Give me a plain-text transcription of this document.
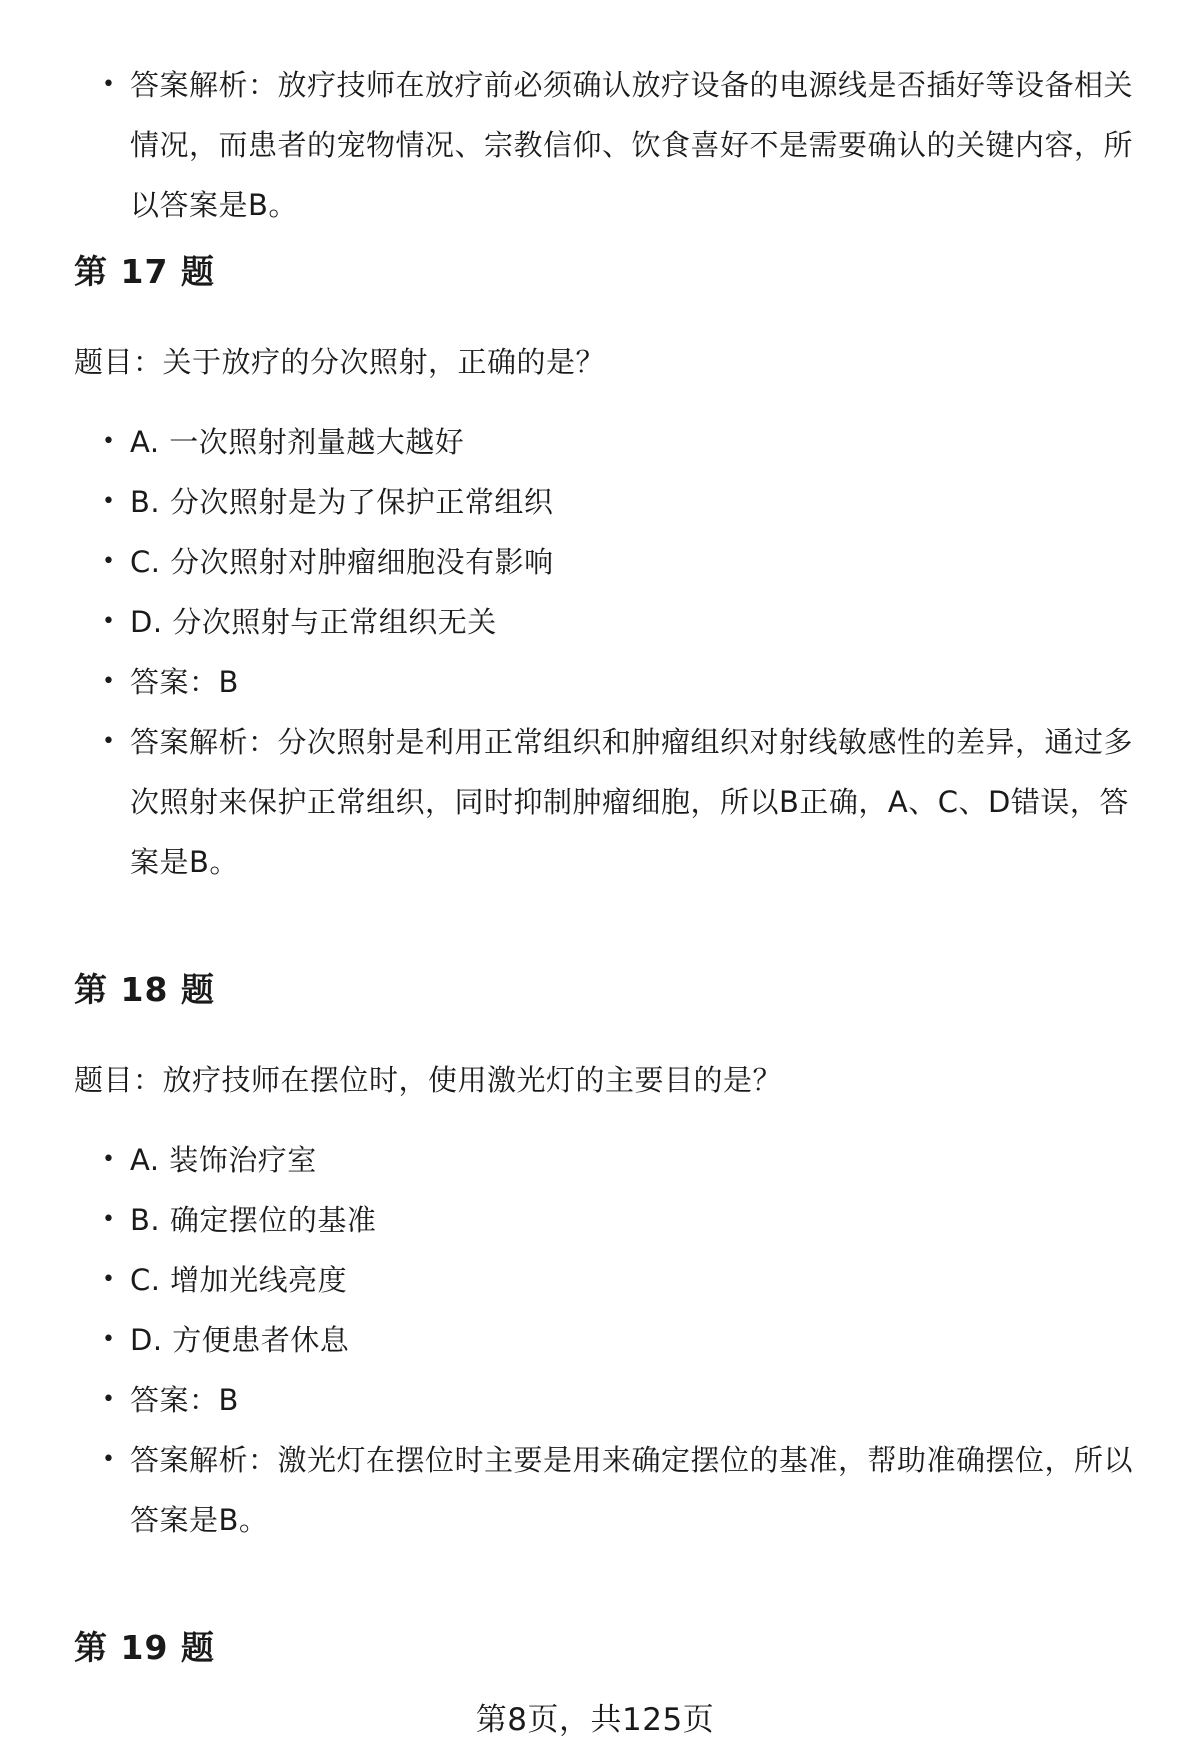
• 答案解析：放疗技师在放疗前必须确认放疗设备的电源线是否插好等设备相关情况，而患者的宠物情况、宗教信仰、饮食喜好不是需要确认的关键内容，所以答案是B。
第 17 题
题目：关于放疗的分次照射，正确的是？
• A. 一次照射剂量越大越好
• B. 分次照射是为了保护正常组织
• C. 分次照射对肿瘤细胞没有影响
• D. 分次照射与正常组织无关
• 答案：B
• 答案解析：分次照射是利用正常组织和肿瘤组织对射线敏感性的差异，通过多次照射来保护正常组织，同时抑制肿瘤细胞，所以B正确，A、C、D错误，答案是B。
第 18 题
题目：放疗技师在摆位时，使用激光灯的主要目的是？
• A. 装饰治疗室
• B. 确定摆位的基准
• C. 增加光线亮度
• D. 方便患者休息
• 答案：B
• 答案解析：激光灯在摆位时主要是用来确定摆位的基准，帮助准确摆位，所以答案是B。
第 19 题
第8页，共125页
